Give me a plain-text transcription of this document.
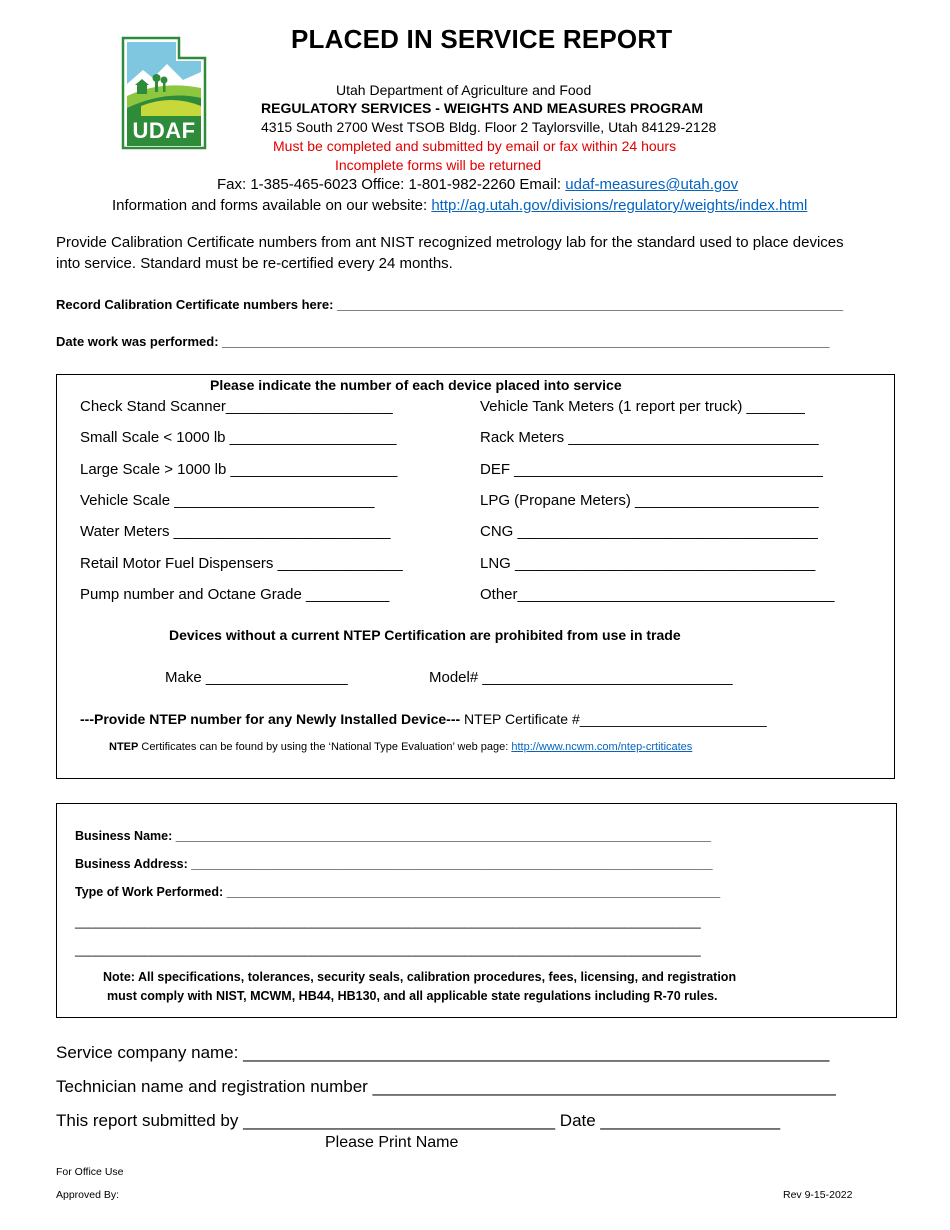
UDAF
PLACED IN SERVICE REPORT
Utah Department of Agriculture and Food
REGULATORY SERVICES - WEIGHTS AND MEASURES PROGRAM
4315 South 2700 West TSOB Bldg. Floor 2 Taylorsville, Utah 84129-2128
Must be completed and submitted by email or fax within 24 hours
Incomplete forms will be returned
Fax: 1-385-465-6023 Office: 1-801-982-2260 Email: udaf-measures@utah.gov
Information and forms available on our website: http://ag.utah.gov/divisions/regulatory/weights/index.html
Provide Calibration Certificate numbers from ant NIST recognized metrology lab for the standard used to place devices
into service. Standard must be re-certified every 24 months.
Record Calibration Certificate numbers here: ______________________________________________________________________
Date work was performed: ____________________________________________________________________________________
Please indicate the number of each device placed into service
Check Stand Scanner____________________
Small Scale < 1000 lb ____________________
Large Scale > 1000 lb ____________________
Vehicle Scale ________________________
Water Meters __________________________
Retail Motor Fuel Dispensers _______________
Pump number and Octane Grade __________
Vehicle Tank Meters (1 report per truck) _______
Rack Meters ______________________________
DEF _____________________________________
LPG (Propane Meters) ______________________
CNG ____________________________________
LNG ____________________________________
Other______________________________________
Devices without a current NTEP Certification are prohibited from use in trade
Make _________________	Model# ______________________________
---Provide NTEP number for any Newly Installed Device--- NTEP Certificate #________________________
NTEP Certificates can be found by using the ‘National Type Evaluation’ web page: http://www.ncwm.com/ntep-crtiticates
Business Name: _____________________________________________________________________________
Business Address: ___________________________________________________________________________
Type of Work Performed: _______________________________________________________________________
__________________________________________________________________________________________
__________________________________________________________________________________________
Note: All specifications, tolerances, security seals, calibration procedures, fees, licensing, and registration
must comply with NIST, MCWM, HB44, HB130, and all applicable state regulations including R-70 rules.
Service company name: ______________________________________________________________
Technician name and registration number _________________________________________________
This report submitted by _________________________________ Date ___________________
Please Print Name
For Office Use
Approved By:	Rev 9-15-2022
